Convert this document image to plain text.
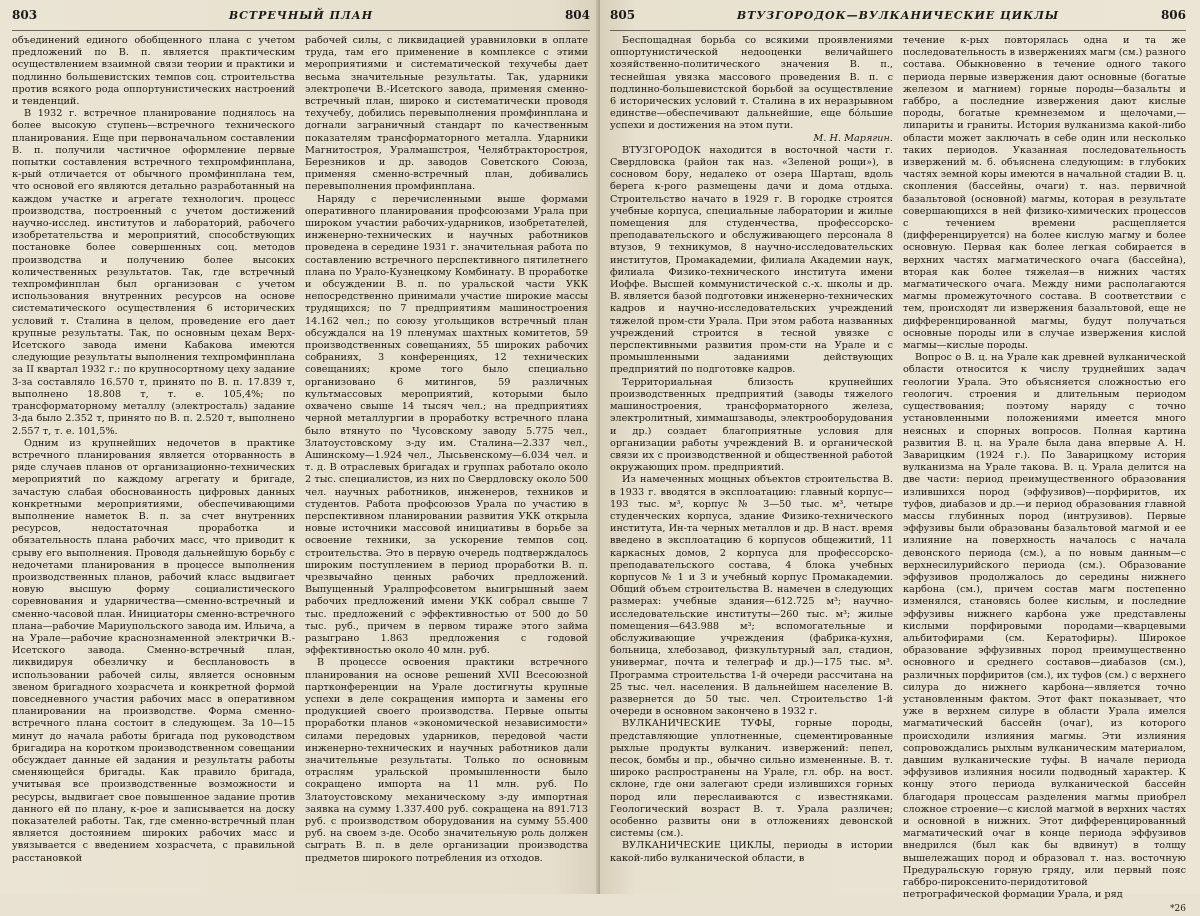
803	ВСТРЕЧНЫЙ ПЛАН	804

объединений единого обобщенного плана с учетом предложений по В. п. является практическим осуществлением взаимной связи теории и практики и подлинно большевистских темпов соц. строительства против всякого рода оппортунистических настроений и тенденций.

В 1932 г. встречное планирование поднялось на более высокую ступень—встречного технического планирования. Еще при первоначальном составлении В. п. получили частичное оформление первые попытки составления встречного техпромфинплана, к-рый отличается от обычного промфинплана тем, что основой его являются детально разработанный на каждом участке и агрегате технологич. процесс производства, построенный с учетом достижений научно-исслед. институтов и лабораторий, рабочего изобретательства и мероприятий, способствующих постановке более совершенных соц. методов производства и получению более высоких количественных результатов. Так, где встречный техпромфинплан был организован с учетом использования внутренних ресурсов на основе систематического осуществления 6 исторических условий т. Сталина в целом, проведение его дает крупные результаты. Так, по основным цехам Верх-Исетского завода имени Кабакова имеются следующие результаты выполнения техпромфинплана за II квартал 1932 г.: по крупносортному цеху задание 3-за составляло 16.570 т, принято по В. п. 17.839 т, выполнено 18.808 т, т. е. 105,4%; по трансформаторному металлу (электросталь) задание 3-да было 2.352 т, принято по В. п. 2.520 т, выполнено 2.557 т, т. е. 101,5%.

Одним из крупнейших недочетов в практике встречного планирования является оторванность в ряде случаев планов от организационно-технических мероприятий по каждому агрегату и бригаде, зачастую слабая обоснованность цифровых данных конкретными мероприятиями, обеспечивающими выполнение наметок В. п. за счет внутренних ресурсов, недостаточная проработка и обязательность плана рабочих масс, что приводит к срыву его выполнения. Проводя дальнейшую борьбу с недочетами планирования в процессе выполнения производственных планов, рабочий класс выдвигает новую высшую форму социалистического соревнования и ударничества—сменно-встречный и сменно-часовой план. Инициаторы сменно-встречного плана—рабочие Мариупольского завода им. Ильича, а на Урале—рабочие краснознаменной электрички В.-Исетского завода. Сменно-встречный план, ликвидируя обезличку и бесплановость в использовании рабочей силы, является основным звеном бригадного хозрасчета и конкретной формой повседневного участия рабочих масс в оперативном планировании на производстве. Форма сменно-встречного плана состоит в следующем. За 10—15 минут до начала работы бригада под руководством бригадира на коротком производственном совещании обсуждает данные ей задания и результаты работы сменяющейся бригады. Как правило бригада, учитывая все производственные возможности и ресурсы, выдвигает свое повышенное задание против данного ей по плану, к-рое и записывается на доску показателей работы. Так, где сменно-встречный план является достоянием широких рабочих масс и увязывается с введением хозрасчета, с правильной расстановкой

рабочей силы, с ликвидацией уравниловки в оплате труда, там его применение в комплексе с этими мероприятиями и систематической техучебы дает весьма значительные результаты. Так, ударники электропечи В.-Исетского завода, применяя сменно-встречный план, широко и систематически проводя техучебу, добились перевыполнения промфинплана и догнали заграничный стандарт по качественным показателям трансформаторного металла. Ударники Магнитостроя, Уралмашстроя, Челябтракторостроя, Березников и др. заводов Советского Союза, применяя сменно-встречный план, добивались перевыполнения промфинплана.

Наряду с перечисленными выше формами оперативного планирования профсоюзами Урала при широком участии рабочих-ударников, изобретателей, инженерно-технических и научных работников проведена в середине 1931 г. значительная работа по составлению встречного перспективного пятилетнего плана по Урало-Кузнецкому Комбинату. В проработке и обсуждении В. п. по уральской части УКК непосредственно принимали участие широкие массы трудящихся; по 7 предприятиям машиностроения 14.162 чел.; по союзу угольщиков встречный план обсуждался на 19 пленумах шахтных комитетов, 59 производственных совещаниях, 55 широких рабочих собраниях, 3 конференциях, 12 технических совещаниях; кроме того было специально организовано 6 митингов, 59 различных культмассовых мероприятий, которыми было охвачено свыше 14 тысяч чел.; на предприятиях черной металлургии в проработку встречного плана было втянуто по Чусовскому заводу 5.775 чел., Златоустовскому з-ду им. Сталина—2.337 чел., Ашинскому—1.924 чел., Лысьвенскому—6.034 чел. и т. д. В отраслевых бригадах и группах работало около 2 тыс. специалистов, из них по Свердловску около 500 чел. научных работников, инженеров, техников и студентов. Работа профсоюзов Урала по участию в перспективном планировании развития УКК открыла новые источники массовой инициативы в борьбе за освоение техники, за ускорение темпов соц. строительства. Это в первую очередь подтверждалось широким поступлением в период проработки В. п. чрезвычайно ценных рабочих предложений. Выпущенный Уралпрофсоветом выигрышный заем рабочих предложений имени УКК собрал свыше 7 тыс. предложений с эффективностью от 500 до 50 тыс. руб., причем в первом тираже этого займа разыграно 1.863 предложения с годовой эффективностью около 40 млн. руб.

В процессе освоения практики встречного планирования на основе решений XVII Всесоюзной партконференции на Урале достигнуты крупные успехи в деле сокращения импорта и замены его продукцией своего производства. Первые опыты проработки планов «экономической независимости» силами передовых ударников, передовой части инженерно-технических и научных работников дали значительные результаты. Только по основным отраслям уральской промышленности было сокращено импорта на 11 млн. руб. По Златоустовскому механическому з-ду импортная заявка на сумму 1.337.400 руб. сокращена на 891.713 руб. с производством оборудования на сумму 55.400 руб. на своем з-де. Особо значительную роль должен сыграть В. п. в деле организации производства предметов широкого потребления из отходов.

805	ВТУЗГОРОДОК—ВУЛКАНИЧЕСКИЕ ЦИКЛЫ	806

Беспощадная борьба со всякими проявлениями оппортунистической недооценки величайшего хозяйственно-политического значения В. п., теснейшая увязка массового проведения В. п. с подлинно-большевистской борьбой за осуществление 6 исторических условий т. Сталина в их неразрывном единстве—обеспечивают дальнейшие, еще бо́льшие успехи и достижения на этом пути.

М. Н. Марягин.

ВТУЗГОРОДОК находится в восточной части г. Свердловска (район так наз. «Зеленой рощи»), в сосновом бору, недалеко от озера Шарташ, вдоль берега к-рого размещены дачи и дома отдыха. Строительство начато в 1929 г. В городке строятся учебные корпуса, специальные лаборатории и жилые помещения для студенчества, профессорско-преподавательского и обслуживающего персонала 8 втузов, 9 техникумов, 8 научно-исследовательских институтов, Промакадемии, филиала Академии наук, филиала Физико-технического института имени Иоффе. Высшей коммунистической с.-х. школы и др. В. является базой подготовки инженерно-технических кадров и научно-исследовательских учреждений тяжелой пром-сти Урала. При этом работа названных учреждений строится в тесной увязке с перспективными развития пром-сти на Урале и с промышленными заданиями действующих предприятий по подготовке кадров.

Территориальная близость крупнейших производственных предприятий (заводы тяжелого машиностроения, трансформаторного железа, электролитный, химмашзаводы, электрооборудования и др.) создает благоприятные условия для организации работы учреждений В. и органической связи их с производственной и общественной работой окружающих пром. предприятий.

Из намеченных мощных объектов строительства В. в 1933 г. вводятся в эксплоатацию: главный корпус—193 тыс. м³, корпус № 3—50 тыс. м³, четыре студенческих корпуса, здание Физико-технического института, Ин-та черных металлов и др. В наст. время введено в эксплоатацию 6 корпусов общежитий, 11 каркасных домов, 2 корпуса для профессорско-преподавательского состава, 4 блока учебных корпусов № 1 и 3 и учебный корпус Промакадемии. Общий объем строительства В. намечен в следующих размерах: учебные здания—612.725 м³; научно-исследовательские институты—260 тыс. м³; жилые помещения—643.988 м³; вспомогательные и обслуживающие учреждения (фабрика-кухня, больница, хлебозавод, физкультурный зал, стадион, универмаг, почта и телеграф и др.)—175 тыс. м³. Программа строительства 1-й очереди рассчитана на 25 тыс. чел. населения. В дальнейшем население В. развернется до 50 тыс. чел. Строительство 1-й очереди в основном закончено в 1932 г.

ВУЛКАНИЧЕСКИЕ ТУФЫ, горные породы, представляющие уплотненные, сцементированные рыхлые продукты вулканич. извержений: пепел, песок, бомбы и пр., обычно сильно измененные. В. т. широко распространены на Урале, гл. обр. на вост. склоне, где они залегают среди излившихся горных пород или переслаиваются с известняками. Геологический возраст В. т. Урала различен; особенно развиты они в отложениях девонской системы (см.).

ВУЛКАНИЧЕСКИЕ ЦИКЛЫ, периоды в истории какой-либо вулканической области, в

течение к-рых повторялась одна и та же последовательность в извержениях магм (см.) разного состава. Обыкновенно в течение одного такого периода первые извержения дают основные (богатые железом и магнием) горные породы—базальты и габбро, а последние извержения дают кислые породы, богатые кремнеземом и щелочами,—липариты и граниты. История вулканизма какой-либо области может заключать в себе один или несколько таких периодов. Указанная последовательность извержений м. б. объяснена следующим: в глубоких частях земной коры имеются в начальной стадии В. ц. скопления (бассейны, очаги) т. наз. первичной базальтовой (основной) магмы, которая в результате совершающихся в ней физико-химических процессов с течением времени расщепляется (дифференцируется) на более кислую магму и более основную. Первая как более легкая собирается в верхних частях магматического очага (бассейна), вторая как более тяжелая—в нижних частях магматического очага. Между ними располагаются магмы промежуточного состава. В соответствии с тем, происходят ли извержения базальтовой, еще не дифференцированной магмы, будут получаться основные породы или в случае извержения кислой магмы—кислые породы.

Вопрос о В. ц. на Урале как древней вулканической области относится к числу труднейших задач геологии Урала. Это объясняется сложностью его геологич. строения и длительным периодом существования; поэтому наряду с точно установленными положениями имеется много неясных и спорных вопросов. Полная картина развития В. ц. на Урале была дана впервые А. Н. Заварицким (1924 г.). По Заварицкому история вулканизма на Урале такова. В. ц. Урала делится на две части: период преимущественного образования излившихся пород (эффузивов)—порфиритов, их туфов, диабазов и др.—и период образования главной массы глубинных пород (интрузивов). Первые эффузивы были образованы базальтовой магмой и ее излияние на поверхность началось с начала девонского периода (см.), а по новым данным—с верхнесилурийского периода (см.). Образование эффузивов продолжалось до середины нижнего карбона (см.), причем состав магм постепенно изменялся, становясь более кислым, и последние эффузивы нижнего карбона уже представлены кислыми порфировыми породами—кварцевыми альбитофирами (см. Кератофиры). Широкое образование эффузивных пород преимущественно основного и среднего составов—диабазов (см.), различных порфиритов (см.), их туфов (см.) с верхнего силура до нижнего карбона—является точно установленным фактом. Этот факт показывает, что уже в верхнем силуре в области Урала имелся магматический бассейн (очаг), из которого происходили излияния магмы. Эти излияния сопровождались рыхлым вулканическим материалом, давшим вулканические туфы. В начале периода эффузивов излияния носили подводный характер. К концу этого периода вулканической бассейн благодаря процессам разделения магмы приобрел сложное строение—с кислой магмой в верхних частях и основной в нижних. Этот дифференцированный магматический очаг в конце периода эффузивов внедрился (был как бы вдвинут) в толщу вышележащих пород и образовал т. наз. восточную Предуральскую горную гряду, или первый пояс габбро-пироксенито-перидотитовой петрографической формации Урала, и ряд

*26
